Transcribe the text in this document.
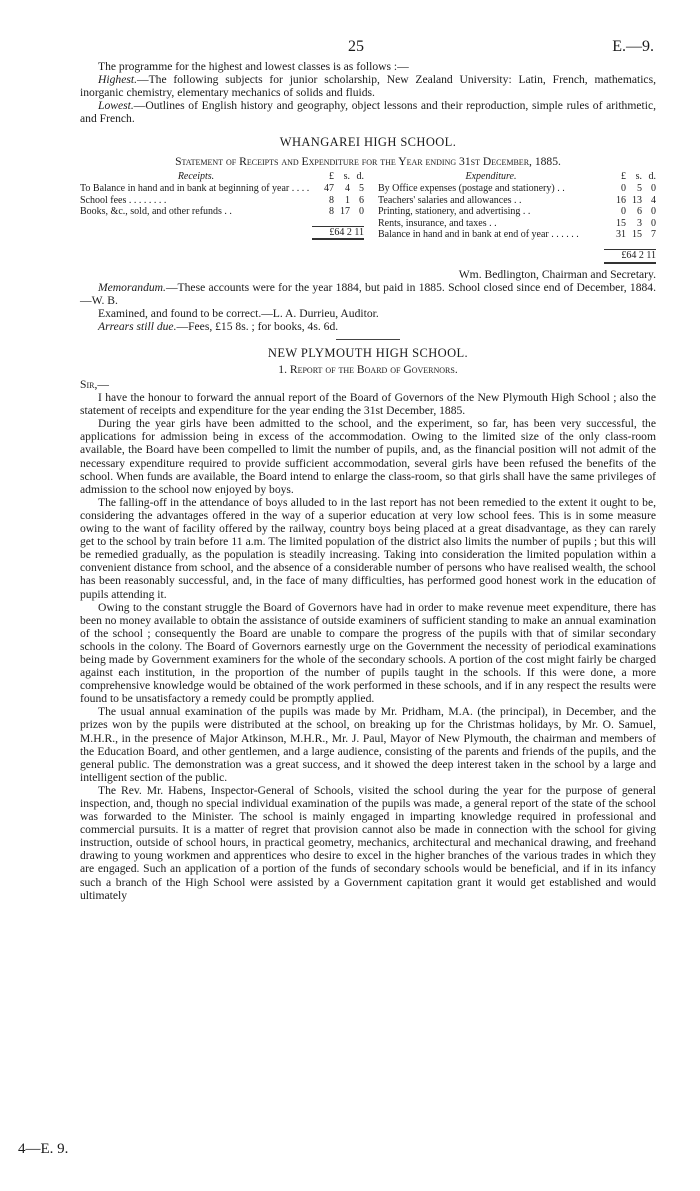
25	E.—9.

The programme for the highest and lowest classes is as follows :—

Highest.—The following subjects for junior scholarship, New Zealand University: Latin, French, mathematics, inorganic chemistry, elementary mechanics of solids and fluids.

Lowest.—Outlines of English history and geography, object lessons and their reproduction, simple rules of arithmetic, and French.

WHANGAREI HIGH SCHOOL.

Statement of Receipts and Expenditure for the Year ending 31st December, 1885.

Receipts.	£ s. d.
To Balance in hand and in bank at beginning of year . . . .	47	4 5
School fees . . . . . . . .	8	1 6
Books, &c., sold, and other refunds . .	8 17 0
£64 2 11
Expenditure.	£ s. d.
By Office expenses (postage and stationery) . .	0	5 0
Teachers' salaries and allowances . .	16 13 4
Printing, stationery, and advertising . .	0	6 0
Rents, insurance, and taxes . .	15	3 0
Balance in hand and in bank at end of year . . . . . .	31 15 7
£64 2 11

Wm. Bedlington, Chairman and Secretary.

Memorandum.—These accounts were for the year 1884, but paid in 1885. School closed since end of December, 1884.—W. B.

Examined, and found to be correct.—L. A. Durrieu, Auditor.

Arrears still due.—Fees, £15 8s. ; for books, 4s. 6d.

NEW PLYMOUTH HIGH SCHOOL.

1. Report of the Board of Governors.

Sir,—

I have the honour to forward the annual report of the Board of Governors of the New Plymouth High School ; also the statement of receipts and expenditure for the year ending the 31st December, 1885.

During the year girls have been admitted to the school, and the experiment, so far, has been very successful, the applications for admission being in excess of the accommodation. Owing to the limited size of the only class-room available, the Board have been compelled to limit the number of pupils, and, as the financial position will not admit of the necessary expenditure required to provide sufficient accommodation, several girls have been refused the benefits of the school. When funds are available, the Board intend to enlarge the class-room, so that girls shall have the same privileges of admission to the school now enjoyed by boys.

The falling-off in the attendance of boys alluded to in the last report has not been remedied to the extent it ought to be, considering the advantages offered in the way of a superior education at very low school fees. This is in some measure owing to the want of facility offered by the railway, country boys being placed at a great disadvantage, as they can rarely get to the school by train before 11 a.m. The limited population of the district also limits the number of pupils ; but this will be remedied gradually, as the population is steadily increasing. Taking into consideration the limited population within a convenient distance from school, and the absence of a considerable number of persons who have realised wealth, the school has been reasonably successful, and, in the face of many difficulties, has performed good honest work in the education of pupils attending it.

Owing to the constant struggle the Board of Governors have had in order to make revenue meet expenditure, there has been no money available to obtain the assistance of outside examiners of sufficient standing to make an annual examination of the school ; consequently the Board are unable to compare the progress of the pupils with that of similar secondary schools in the colony. The Board of Governors earnestly urge on the Government the necessity of periodical examinations being made by Government examiners for the whole of the secondary schools. A portion of the cost might fairly be charged against each institution, in the proportion of the number of pupils taught in the schools. If this were done, a more comprehensive knowledge would be obtained of the work performed in these schools, and if in any respect the results were found to be unsatisfactory a remedy could be promptly applied.

The usual annual examination of the pupils was made by Mr. Pridham, M.A. (the principal), in December, and the prizes won by the pupils were distributed at the school, on breaking up for the Christmas holidays, by Mr. O. Samuel, M.H.R., in the presence of Major Atkinson, M.H.R., Mr. J. Paul, Mayor of New Plymouth, the chairman and members of the Education Board, and other gentlemen, and a large audience, consisting of the parents and friends of the pupils, and the general public. The demonstration was a great success, and it showed the deep interest taken in the school by a large and intelligent section of the public.

The Rev. Mr. Habens, Inspector-General of Schools, visited the school during the year for the purpose of general inspection, and, though no special individual examination of the pupils was made, a general report of the state of the school was forwarded to the Minister. The school is mainly engaged in imparting knowledge required in professional and commercial pursuits. It is a matter of regret that provision cannot also be made in connection with the school for giving instruction, outside of school hours, in practical geometry, mechanics, architectural and mechanical drawing, and freehand drawing to young workmen and apprentices who desire to excel in the higher branches of the various trades in which they are engaged. Such an application of a portion of the funds of secondary schools would be beneficial, and if in its infancy such a branch of the High School were assisted by a Government capitation grant it would get established and would ultimately

4—E. 9.
